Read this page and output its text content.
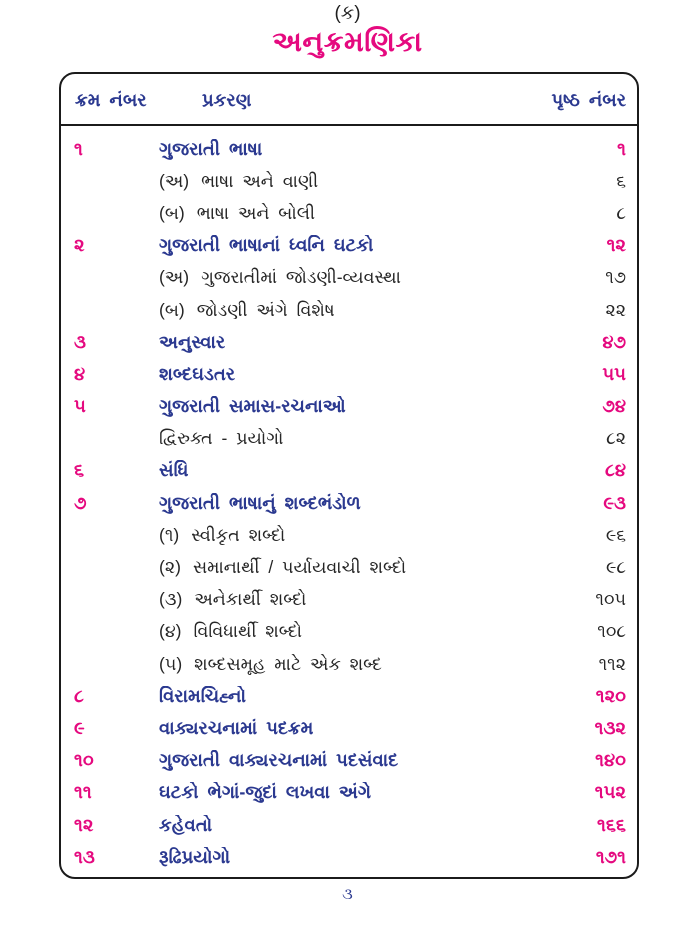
(ક)
અનુક્રમણિકા
ક્રમ નંબર	પ્રકરણ	પૃષ્ઠ નંબર
૧	ગુજરાતી ભાષા	૧
(અ) ભાષા અને વાણી	૬
(બ) ભાષા અને બોલી	૮
૨	ગુજરાતી ભાષાનાં ધ્વનિ ઘટકો	૧૨
(અ) ગુજરાતીમાં જોડણી-વ્યવસ્થા	૧૭
(બ) જોડણી અંગે વિશેષ	૨૨
૩	અનુસ્વાર	૪૭
૪	શબ્દઘડતર	૫૫
૫	ગુજરાતી સમાસ-રચનાઓ	૭૪
દ્વિરુક્ત - પ્રયોગો	૮૨
૬	સંધિ	૮૪
૭	ગુજરાતી ભાષાનું શબ્દભંડોળ	૯૩
(૧) સ્વીકૃત શબ્દો	૯૬
(૨) સમાનાર્થી / પર્યાયવાચી શબ્દો	૯૮
(૩) અનેકાર્થી શબ્દો	૧૦૫
(૪) વિવિધાર્થી શબ્દો	૧૦૮
(૫) શબ્દસમૂહ માટે એક શબ્દ	૧૧૨
૮	વિરામચિહ્નો	૧૨૦
૯	વાક્યરચનામાં પદક્રમ	૧૩૨
૧૦	ગુજરાતી વાક્યરચનામાં પદસંવાદ	૧૪૦
૧૧	ઘટકો ભેગાં-જુદાં લખવા અંગે	૧૫૨
૧૨	કહેવતો	૧૬૬
૧૩	રૂઢિપ્રયોગો	૧૭૧
૩
